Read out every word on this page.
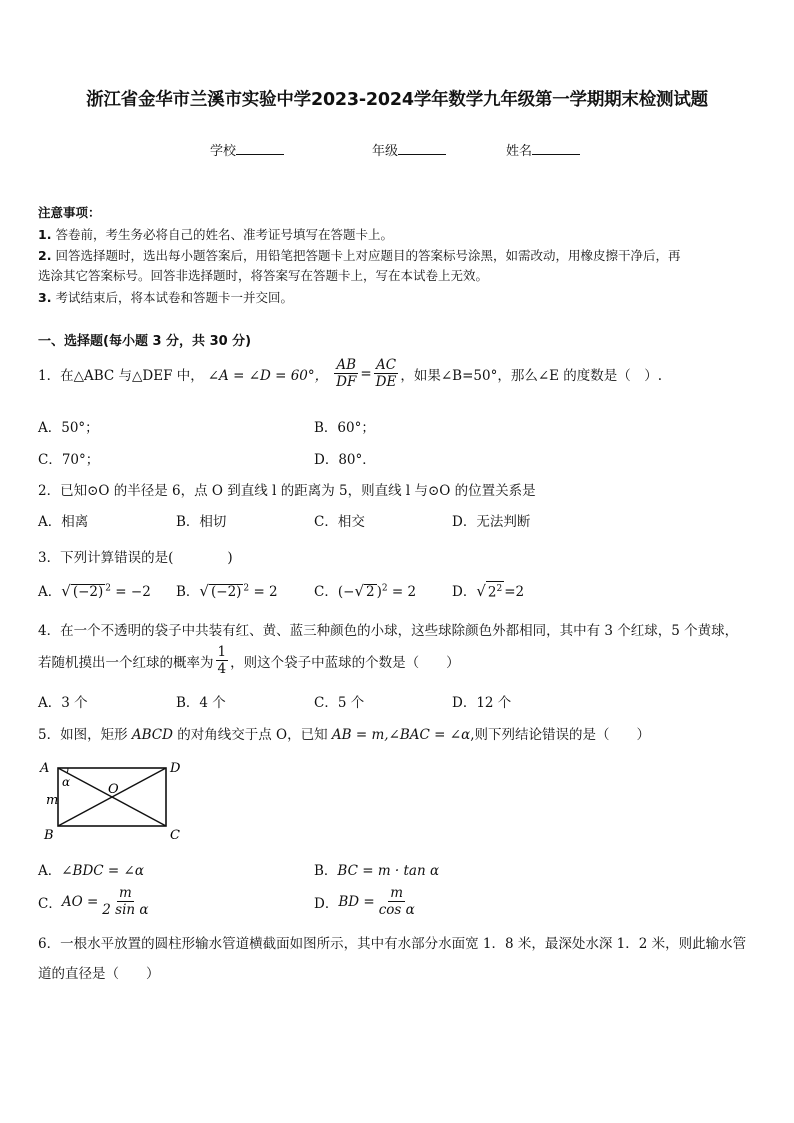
浙江省金华市兰溪市实验中学2023-2024学年数学九年级第一学期期末检测试题
学校	年级	姓名
注意事项：
1. 答卷前，考生务必将自己的姓名、准考证号填写在答题卡上。
2. 回答选择题时，选出每小题答案后，用铅笔把答题卡上对应题目的答案标号涂黑，如需改动，用橡皮擦干净后，再
选涂其它答案标号。回答非选择题时，将答案写在答题卡上，写在本试卷上无效。
3. 考试结束后，将本试卷和答题卡一并交回。
一、选择题(每小题 3 分，共 30 分)
1．在△ABC 与△DEF 中， ∠A = ∠D = 60°， $\frac{AB}{DF} = \frac{AC}{DE}$ ，如果∠B=50°，那么∠E 的度数是（　）.
A．50°；	B．60°；
C．70°；	D．80°．
2．已知⊙O 的半径是 6，点 O 到直线 l 的距离为 5，则直线 l 与⊙O 的位置关系是
A．相离	B．相切	C．相交	D．无法判断
3．下列计算错误的是(　　　　)
A．√ (−2) $^2$ = −2 B．√ (−2) $^2$ = 2	C．(−√ 2 )$^2$ = 2	D．√ $2^2 =2$
4．在一个不透明的袋子中共装有红、黄、蓝三种颜色的小球，这些球除颜色外都相同，其中有 3 个红球，5 个黄球，
若随机摸出一个红球的概率为 $\frac{1}{4}$ ，则这个袋子中蓝球的个数是（　　）
A．3 个	B．4 个	C．5 个	D．12 个
5．如图，矩形 ABCD 的对角线交于点 O，已知 AB = m,∠BAC = ∠α,则下列结论错误的是（　　）
A
B	C
D
O
m
α
A．∠BDC = ∠α	B．BC = m · tan α
C． AO = $\frac{m}{\text{2 sin α}}$	D． BD = $\frac{m}{\text{cos α}}$
6．一根水平放置的圆柱形输水管道横截面如图所示，其中有水部分水面宽 1．8 米，最深处水深 1．2 米，则此输水管
道的直径是（　　）
